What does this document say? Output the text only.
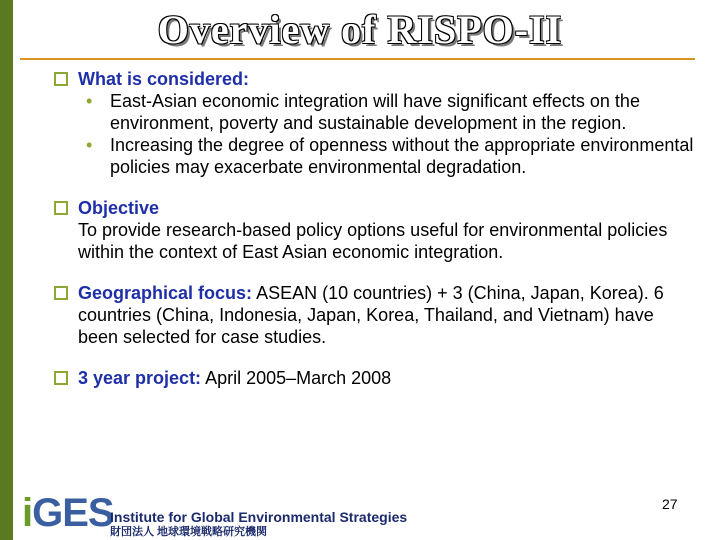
Overview of RISPO-II
What is considered:
• East-Asian economic integration will have significant effects on the environment, poverty and sustainable development in the region.
• Increasing the degree of openness without the appropriate environmental policies may exacerbate environmental degradation.
Objective
To provide research-based policy options useful for environmental policies within the context of East Asian economic integration.
Geographical focus: ASEAN (10 countries) + 3 (China, Japan, Korea). 6 countries (China, Indonesia, Japan, Korea, Thailand, and Vietnam) have been selected for case studies.
3 year project: April 2005–March 2008
iGES
Institute for Global Environmental Strategies
財団法人 地球環境戦略研究機関
27
